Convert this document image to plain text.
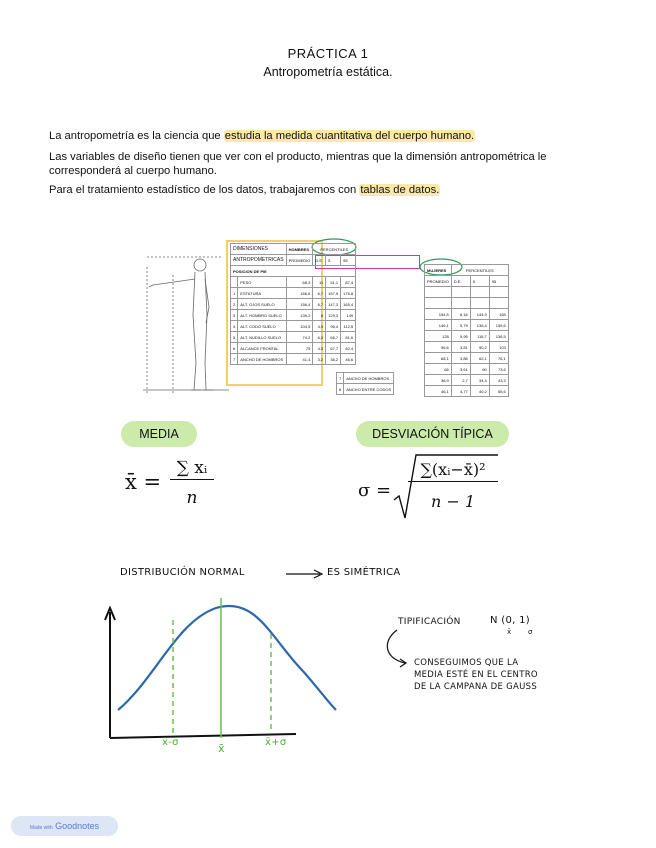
PRÁCTICA 1
Antropometría estática.
La antropometría es la ciencia que estudia la medida cuantitativa del cuerpo humano.
Las variables de diseño tienen que ver con el producto, mientras que la dimensión antropométrica le corresponderá al cuerpo humano.
Para el tratamiento estadístico de los datos, trabajaremos con tablas de datos.
DIMENSIONES		HOMBRES	PERCENTILES		
ANTROPOMETRICAS		PROMEDIO	D.E.	5	95
POSICION DE PIE					
	PESO	68,3	11	51,1	87,4
1	ESTATURA	166,6	6,7	157,9	176,8
2	ALT. OJOS SUELO	156,4	6,7	147,3	165,4
3	ALT. HOMBRO SUELO	139,2	6	129,3	149
4	ALT. CODO SUELO	104,5	4,9	96,4	112,5
5	ALT. NUDILLO SUELO	74,2	6,5	66,7	81,6
6	ALCANCE FRONTAL	75	4,3	67,7	82,4
7	ANCHO DE HOMBROS	41,4	3,2	36,2	46,6
MUJERES	PERCENTILES		
PROMEDIO	D.E.	5	95

154,5	6,16	144,9	165
146,1	5,79	136,4	155,6
128	5,95	118,7	136,5
96,6	3,81	90,2	103
68,1	3,86	62,1	76,1
66	3,61	60	73,6
38,9	2,7	34,4	43,3
46,1	4,77	40,2	55,6
7	ANCHO DE HOMBROS
8	ANCHO ENTRE CODOS
MEDIA	DESVIACIÓN TÍPICA
x̄ =
∑ xᵢ
n	σ =
∑(xᵢ−x̄)²
n − 1
DISTRIBUCIÓN NORMAL	ES SIMÉTRICA
x̄-σ	x̄	x̄+σ
TIPIFICACIÓN	N (0, 1)
x̄ σ
CONSEGUIMOS QUE LA
MEDIA ESTÉ EN EL CENTRO
DE LA CAMPANA DE GAUSS
Made with Goodnotes
